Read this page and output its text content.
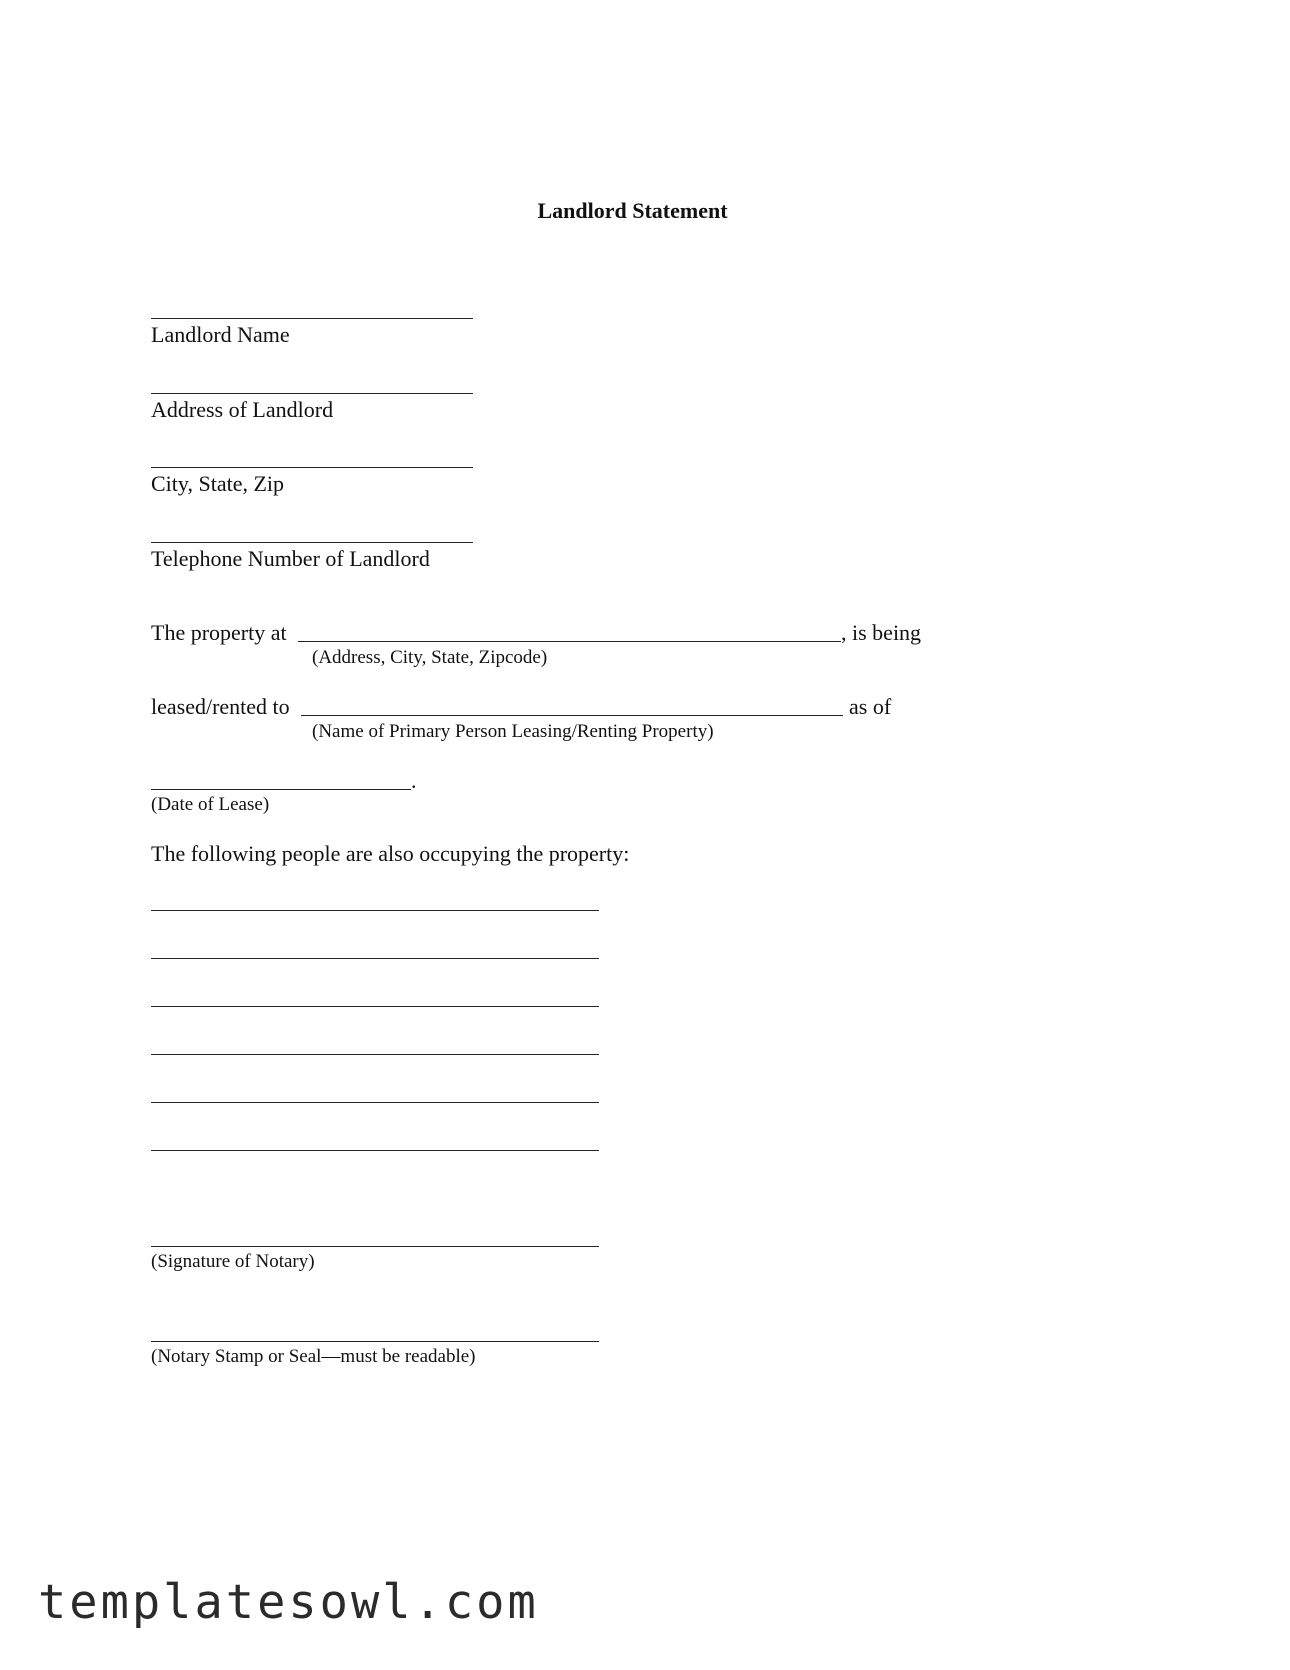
Landlord Statement
Landlord Name
Address of Landlord
City, State, Zip
Telephone Number of Landlord
The property at	, is being
(Address, City, State, Zipcode)
leased/rented to	as of
(Name of Primary Person Leasing/Renting Property)
.
(Date of Lease)
The following people are also occupying the property:
(Signature of Notary)
(Notary Stamp or Seal—must be readable)
templatesowl.com
